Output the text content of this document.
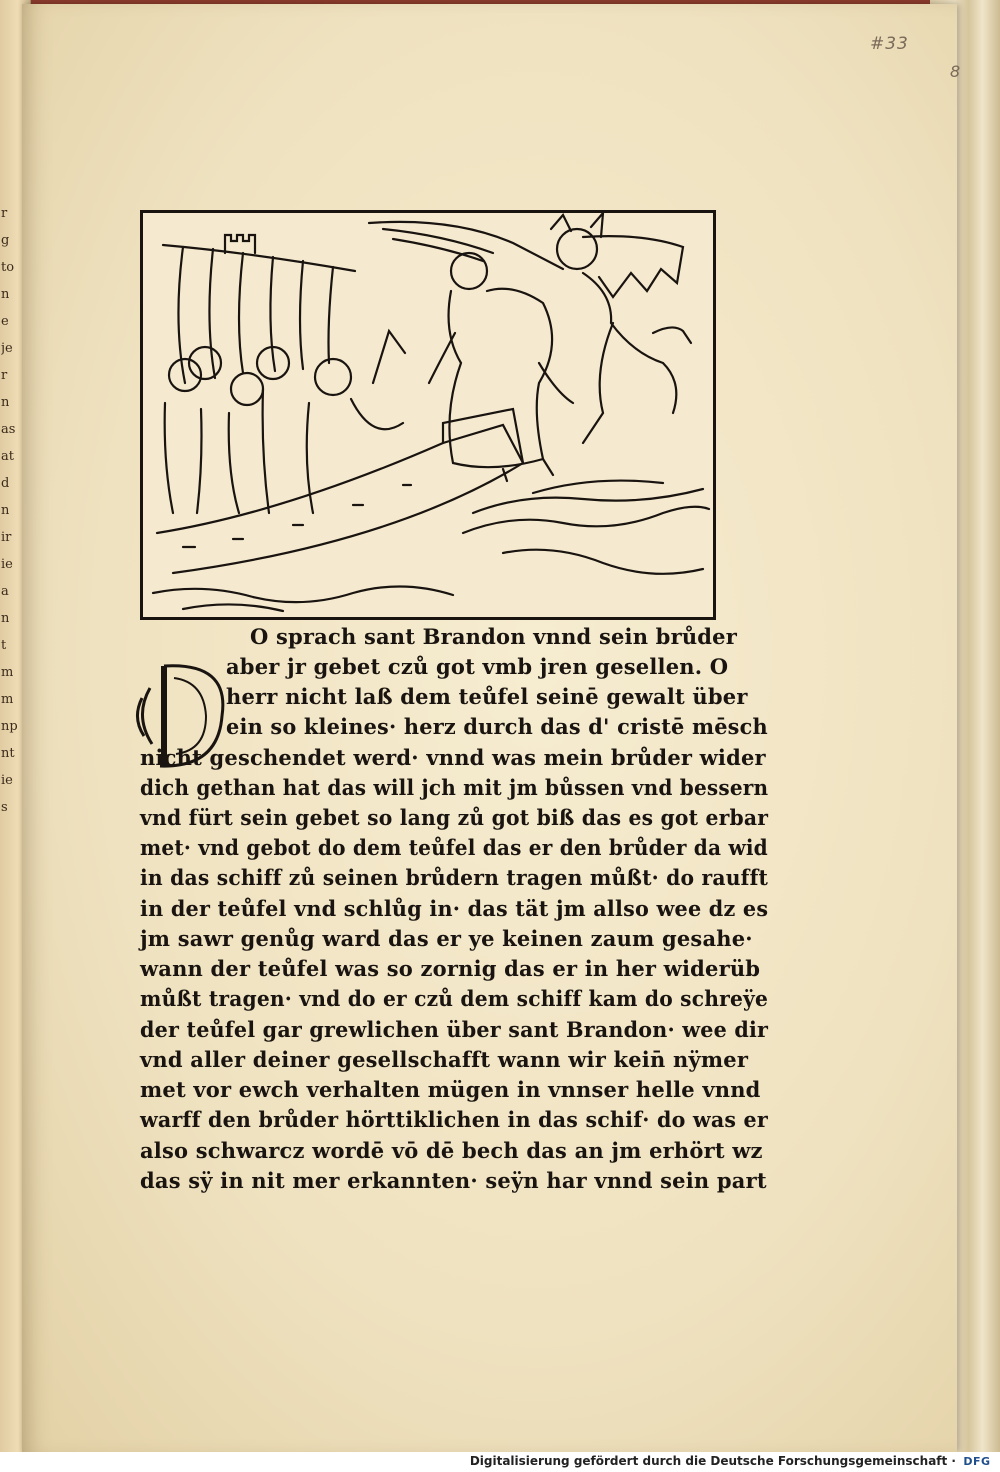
r
g
to
n
e
je
r
n
as
at
d
n
ir
ie
a
n
t
m
m
np
nt
ie
s
#33
8
O sprach sant Brandon vnnd sein brůder
aber jr gebet czů got vmb jren gesellen. O
herr nicht laß dem teůfel seinē gewalt über
ein so kleines· herz durch das d' cristē mēsch
nicht geschendet werd· vnnd was mein brůder wider
dich gethan hat das will jch mit jm bůssen vnd bessern
vnd fürt sein gebet so lang zů got biß das es got erbar
met· vnd gebot do dem teůfel das er den brůder da wid
in das schiff zů seinen brůdern tragen můßt· do raufft
in der teůfel vnd schlůg in· das tät jm allso wee dz es
jm sawr genůg ward das er ye keinen zaum gesahe·
wann der teůfel was so zornig das er in her widerüb
můßt tragen· vnd do er czů dem schiff kam do schreÿe
der teůfel gar grewlichen über sant Brandon· wee dir
vnd aller deiner gesellschafft wann wir kein̄ nÿmer
met vor ewch verhalten mügen in vnnser helle vnnd
warff den brůder hörttiklichen in das schif· do was er
also schwarcz wordē vō dē bech das an jm erhört wz
das sÿ in nit mer erkannten· seÿn har vnnd sein part
Digitalisierung gefördert durch die Deutsche Forschungsgemeinschaft · DFG
